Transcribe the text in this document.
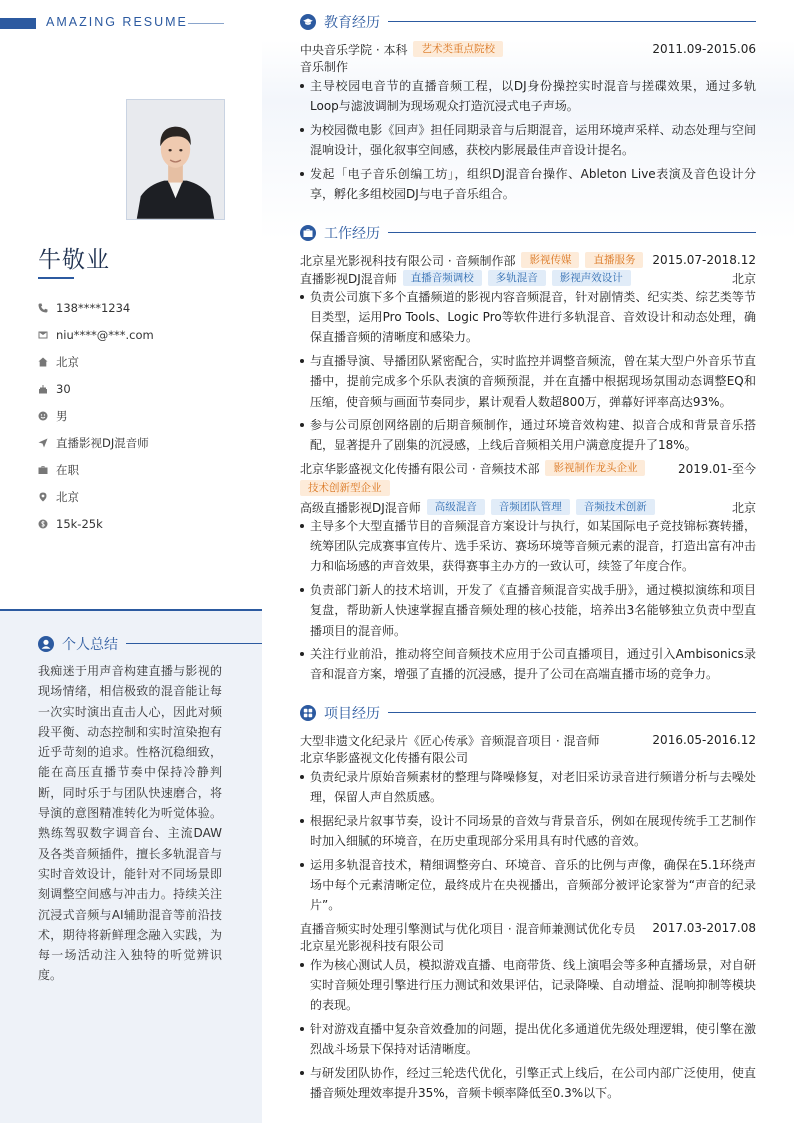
AMAZING RESUME
牛敬业
138****1234
niu****@***.com
北京
30
男
直播影视DJ混音师
在职
北京
15k-25k
个人总结
我痴迷于用声音构建直播与影视的现场情绪，相信极致的混音能让每一次实时演出直击人心，因此对频段平衡、动态控制和实时渲染抱有近乎苛刻的追求。性格沉稳细致，能在高压直播节奏中保持冷静判断，同时乐于与团队快速磨合，将导演的意图精准转化为听觉体验。熟练驾驭数字调音台、主流DAW及各类音频插件，擅长多轨混音与实时音效设计，能针对不同场景即刻调整空间感与冲击力。持续关注沉浸式音频与AI辅助混音等前沿技术，期待将新鲜理念融入实践，为每一场活动注入独特的听觉辨识度。
教育经历
中央音乐学院 · 本科	艺术类重点院校	2011.09-2015.06
音乐制作
主导校园电音节的直播音频工程，以DJ身份操控实时混音与搓碟效果，通过多轨Loop与滤波调制为现场观众打造沉浸式电子声场。
为校园微电影《回声》担任同期录音与后期混音，运用环境声采样、动态处理与空间混响设计，强化叙事空间感，获校内影展最佳声音设计提名。
发起「电子音乐创编工坊」，组织DJ混音台操作、Ableton Live表演及音色设计分享，孵化多组校园DJ与电子音乐组合。
工作经历
北京星光影视科技有限公司 · 音频制作部	影视传媒	直播服务	2015.07-2018.12
直播影视DJ混音师	直播音频调校	多轨混音	影视声效设计	北京
负责公司旗下多个直播频道的影视内容音频混音，针对剧情类、纪实类、综艺类等节目类型，运用Pro Tools、Logic Pro等软件进行多轨混音、音效设计和动态处理，确保直播音频的清晰度和感染力。
与直播导演、导播团队紧密配合，实时监控并调整音频流，曾在某大型户外音乐节直播中，提前完成多个乐队表演的音频预混，并在直播中根据现场氛围动态调整EQ和压缩，使音频与画面节奏同步，累计观看人数超800万，弹幕好评率高达93%。
参与公司原创网络剧的后期音频制作，通过环境音效构建、拟音合成和背景音乐搭配，显著提升了剧集的沉浸感，上线后音频相关用户满意度提升了18%。
北京华影盛视文化传播有限公司 · 音频技术部	影视制作龙头企业	2019.01-至今
技术创新型企业
高级直播影视DJ混音师	高级混音	音频团队管理	音频技术创新	北京
主导多个大型直播节目的音频混音方案设计与执行，如某国际电子竞技锦标赛转播，统筹团队完成赛事宣传片、选手采访、赛场环境等音频元素的混音，打造出富有冲击力和临场感的声音效果，获得赛事主办方的一致认可，续签了年度合作。
负责部门新人的技术培训，开发了《直播音频混音实战手册》，通过模拟演练和项目复盘，帮助新人快速掌握直播音频处理的核心技能，培养出3名能够独立负责中型直播项目的混音师。
关注行业前沿，推动将空间音频技术应用于公司直播项目，通过引入Ambisonics录音和混音方案，增强了直播的沉浸感，提升了公司在高端直播市场的竞争力。
项目经历
大型非遗文化纪录片《匠心传承》音频混音项目 · 混音师	2016.05-2016.12
北京华影盛视文化传播有限公司
负责纪录片原始音频素材的整理与降噪修复，对老旧采访录音进行频谱分析与去噪处理，保留人声自然质感。
根据纪录片叙事节奏，设计不同场景的音效与背景音乐，例如在展现传统手工艺制作时加入细腻的环境音，在历史重现部分采用具有时代感的音效。
运用多轨混音技术，精细调整旁白、环境音、音乐的比例与声像，确保在5.1环绕声场中每个元素清晰定位，最终成片在央视播出，音频部分被评论家誉为“声音的纪录片”。
直播音频实时处理引擎测试与优化项目 · 混音师兼测试优化专员 2017.03-2017.08
北京星光影视科技有限公司
作为核心测试人员，模拟游戏直播、电商带货、线上演唱会等多种直播场景，对自研实时音频处理引擎进行压力测试和效果评估，记录降噪、自动增益、混响抑制等模块的表现。
针对游戏直播中复杂音效叠加的问题，提出优化多通道优先级处理逻辑，使引擎在激烈战斗场景下保持对话清晰度。
与研发团队协作，经过三轮迭代优化，引擎正式上线后，在公司内部广泛使用，使直播音频处理效率提升35%，音频卡顿率降低至0.3%以下。
